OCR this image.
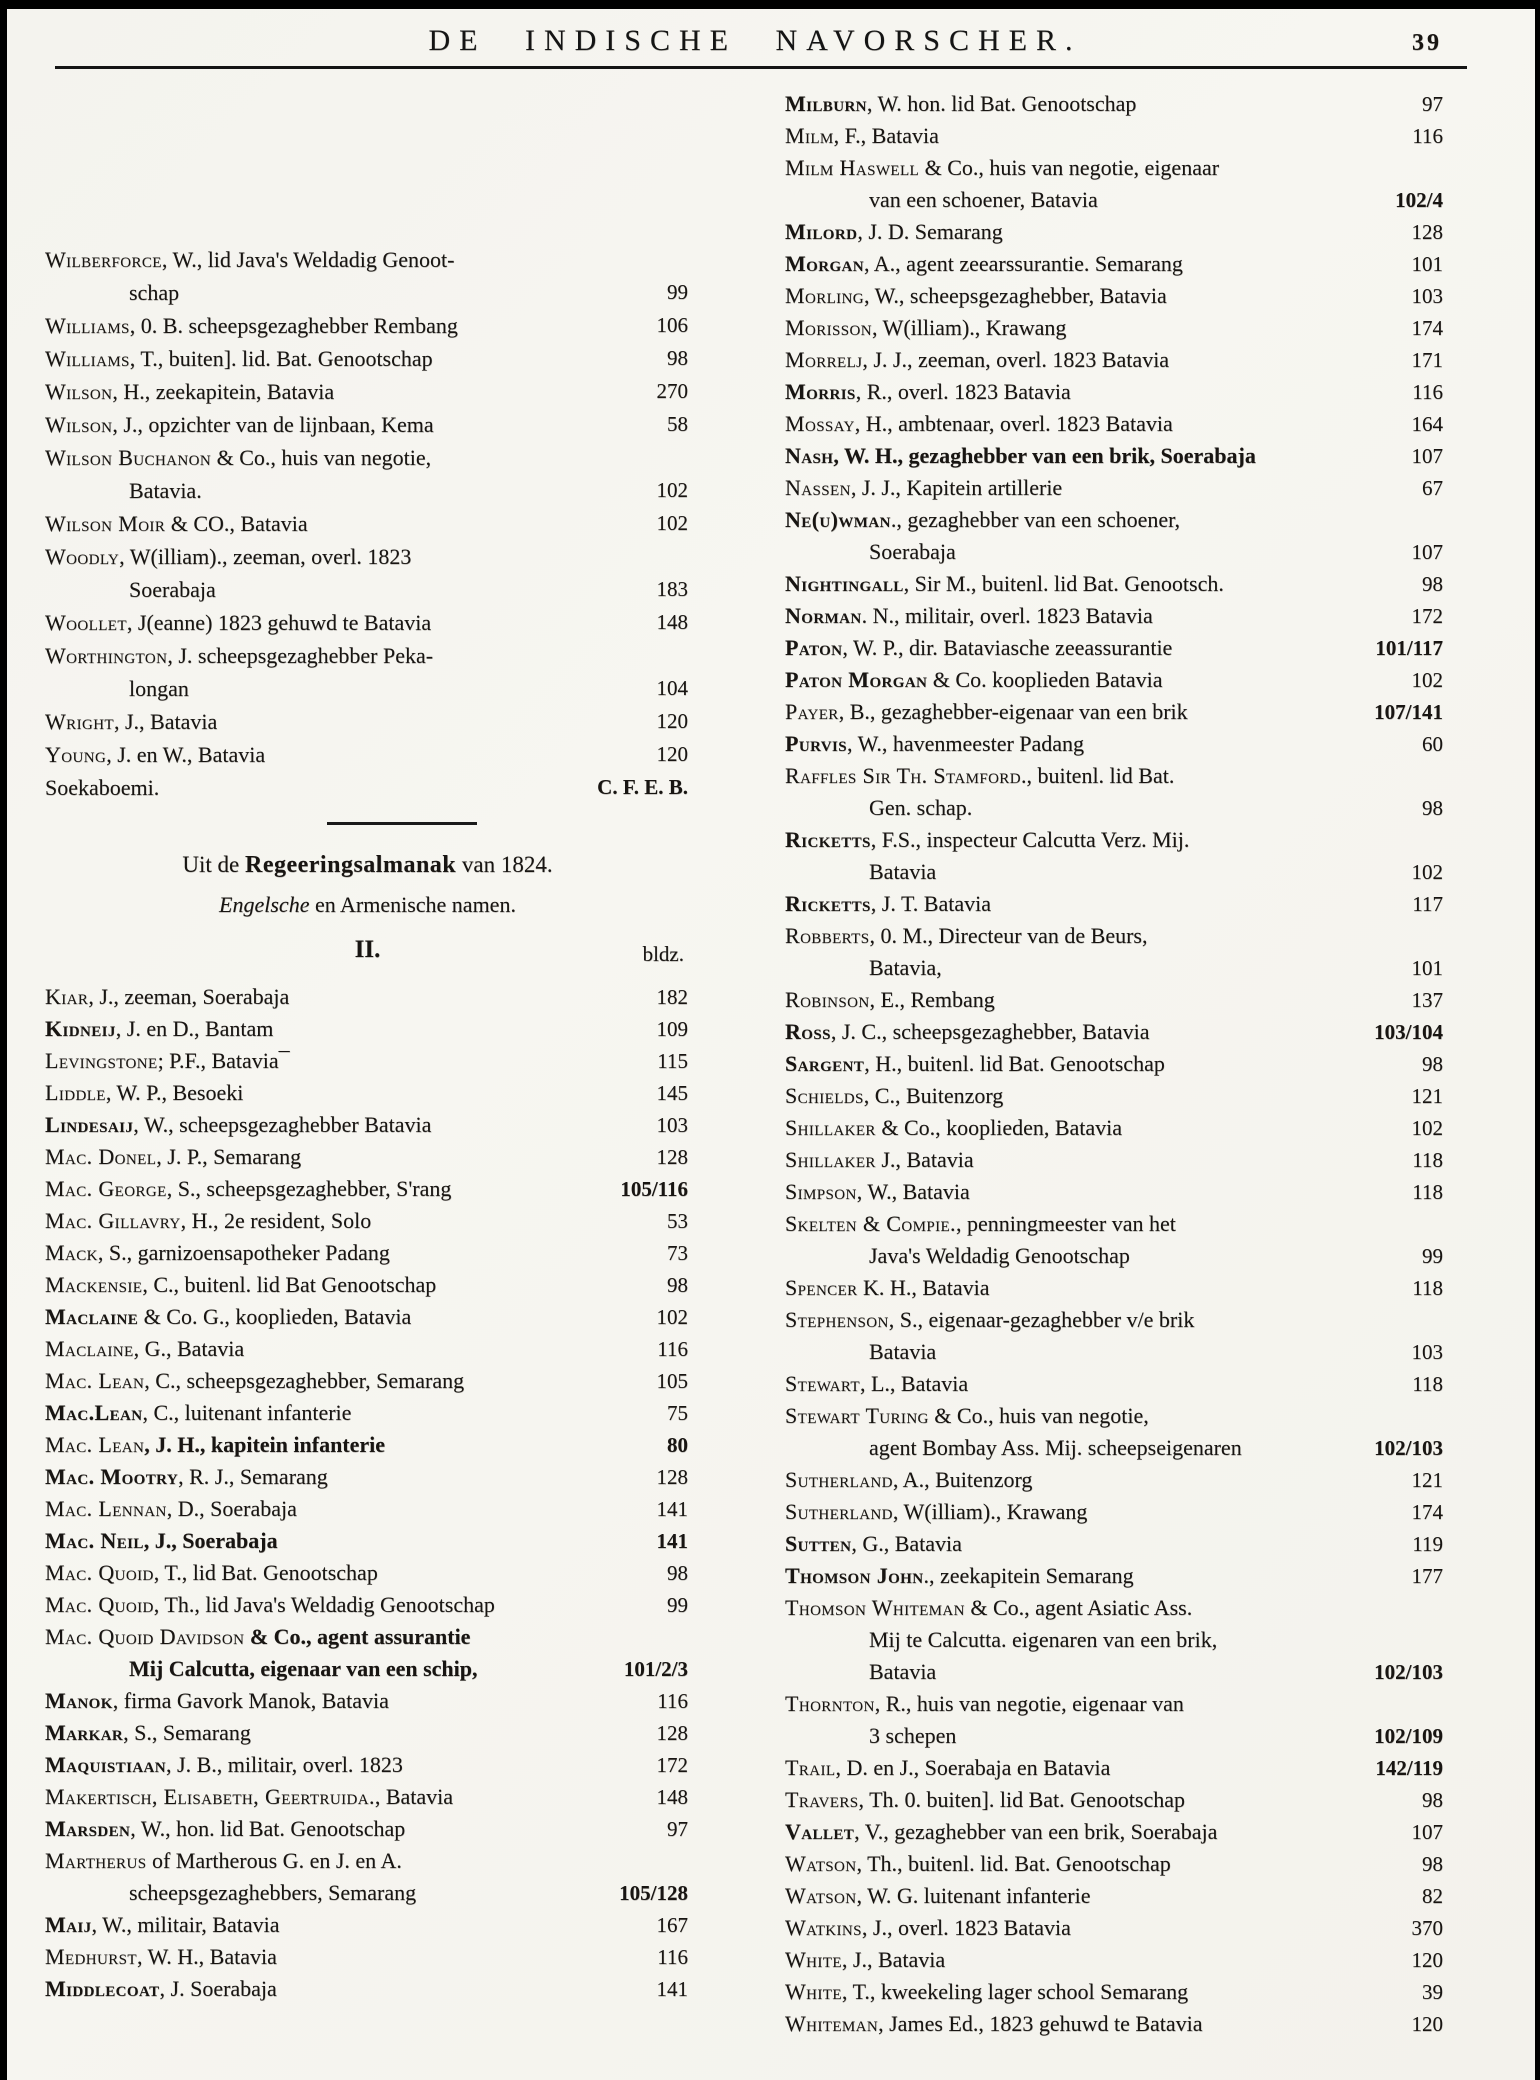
DE INDISCHE NAVORSCHER.	39
Wilberforce, W., lid Java's Weldadig Genoot-
schap	99
Williams, 0. B. scheepsgezaghebber Rembang	106
Williams, T., buiten]. lid. Bat. Genootschap	98
Wilson, H., zeekapitein, Batavia	270
Wilson, J., opzichter van de lijnbaan, Kema	58
Wilson Buchanon & Co., huis van negotie,
Batavia.	102
Wilson Moir & CO., Batavia	102
Woodly, W(illiam)., zeeman, overl. 1823
Soerabaja	183
Woollet, J(eanne) 1823 gehuwd te Batavia	148
Worthington, J. scheepsgezaghebber Peka-
longan	104
Wright, J., Batavia	120
Young, J. en W., Batavia	120
Soekaboemi.	C. F. E. B.
Uit de Regeeringsalmanak van 1824.
Engelsche en Armenische namen.
II.	bldz.
Kiar, J., zeeman, Soerabaja	182
Kidneij, J. en D., Bantam	109
Levingstone; P.F., Batavia¯	115
Liddle, W. P., Besoeki	145
Lindesaij, W., scheepsgezaghebber Batavia	103
Mac. Donel, J. P., Semarang	128
Mac. George, S., scheepsgezaghebber, S'rang	105/116
Mac. Gillavry, H., 2e resident, Solo	53
Mack, S., garnizoensapotheker Padang	73
Mackensie, C., buitenl. lid Bat Genootschap	98
Maclaine & Co. G., kooplieden, Batavia	102
Maclaine, G., Batavia	116
Mac. Lean, C., scheepsgezaghebber, Semarang	105
Mac.Lean, C., luitenant infanterie	75
Mac. Lean, J. H., kapitein infanterie	80
Mac. Mootry, R. J., Semarang	128
Mac. Lennan, D., Soerabaja	141
Mac. Neil, J., Soerabaja	141
Mac. Quoid, T., lid Bat. Genootschap	98
Mac. Quoid, Th., lid Java's Weldadig Genootschap	99
Mac. Quoid Davidson & Co., agent assurantie
Mij Calcutta, eigenaar van een schip,	101/2/3
Manok, firma Gavork Manok, Batavia	116
Markar, S., Semarang	128
Maquistiaan, J. B., militair, overl. 1823	172
Makertisch, Elisabeth, Geertruida., Batavia	148
Marsden, W., hon. lid Bat. Genootschap	97
Martherus of Martherous G. en J. en A.
scheepsgezaghebbers, Semarang	105/128
Maij, W., militair, Batavia	167
Medhurst, W. H., Batavia	116
Middlecoat, J. Soerabaja	141
Milburn, W. hon. lid Bat. Genootschap	97
Milm, F., Batavia	116
Milm Haswell & Co., huis van negotie, eigenaar
van een schoener, Batavia	102/4
Milord, J. D. Semarang	128
Morgan, A., agent zeearssurantie. Semarang	101
Morling, W., scheepsgezaghebber, Batavia	103
Morisson, W(illiam)., Krawang	174
Morrelj, J. J., zeeman, overl. 1823 Batavia	171
Morris, R., overl. 1823 Batavia	116
Mossay, H., ambtenaar, overl. 1823 Batavia	164
Nash, W. H., gezaghebber van een brik, Soerabaja	107
Nassen, J. J., Kapitein artillerie	67
Ne(u)wman., gezaghebber van een schoener,
Soerabaja	107
Nightingall, Sir M., buitenl. lid Bat. Genootsch.	98
Norman. N., militair, overl. 1823 Batavia	172
Paton, W. P., dir. Bataviasche zeeassurantie	101/117
Paton Morgan & Co. kooplieden Batavia	102
Payer, B., gezaghebber-eigenaar van een brik	107/141
Purvis, W., havenmeester Padang	60
Raffles Sir Th. Stamford., buitenl. lid Bat.
Gen. schap.	98
Ricketts, F.S., inspecteur Calcutta Verz. Mij.
Batavia	102
Ricketts, J. T. Batavia	117
Robberts, 0. M., Directeur van de Beurs,
Batavia,	101
Robinson, E., Rembang	137
Ross, J. C., scheepsgezaghebber, Batavia	103/104
Sargent, H., buitenl. lid Bat. Genootschap	98
Schields, C., Buitenzorg	121
Shillaker & Co., kooplieden, Batavia	102
Shillaker J., Batavia	118
Simpson, W., Batavia	118
Skelten & Compie., penningmeester van het
Java's Weldadig Genootschap	99
Spencer K. H., Batavia	118
Stephenson, S., eigenaar-gezaghebber v/e brik
Batavia	103
Stewart, L., Batavia	118
Stewart Turing & Co., huis van negotie,
agent Bombay Ass. Mij. scheepseigenaren	102/103
Sutherland, A., Buitenzorg	121
Sutherland, W(illiam)., Krawang	174
Sutten, G., Batavia	119
Thomson John., zeekapitein Semarang	177
Thomson Whiteman & Co., agent Asiatic Ass.
Mij te Calcutta. eigenaren van een brik,
Batavia	102/103
Thornton, R., huis van negotie, eigenaar van
3 schepen	102/109
Trail, D. en J., Soerabaja en Batavia	142/119
Travers, Th. 0. buiten]. lid Bat. Genootschap	98
Vallet, V., gezaghebber van een brik, Soerabaja	107
Watson, Th., buitenl. lid. Bat. Genootschap	98
Watson, W. G. luitenant infanterie	82
Watkins, J., overl. 1823 Batavia	370
White, J., Batavia	120
White, T., kweekeling lager school Semarang	39
Whiteman, James Ed., 1823 gehuwd te Batavia	120
